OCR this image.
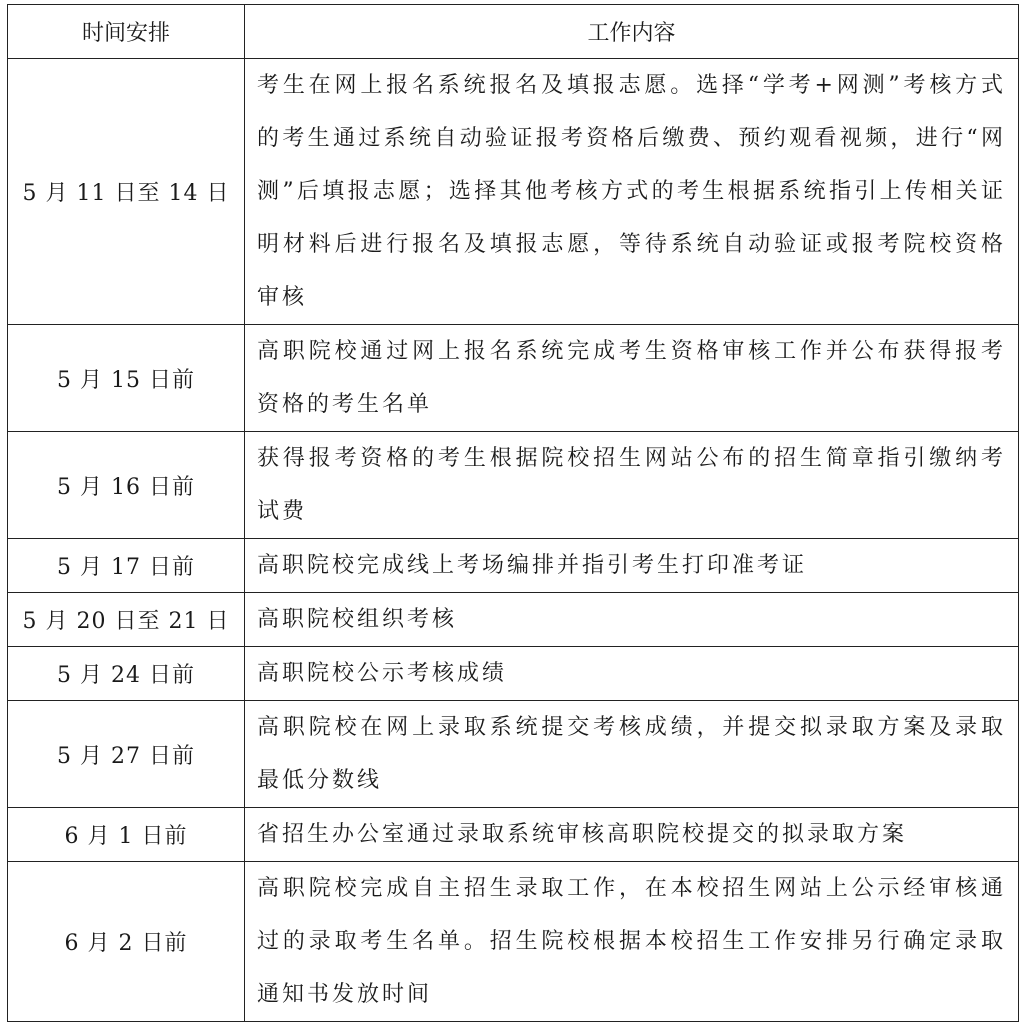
时间安排	工作内容
5 月 11 日至 14 日	考生在网上报名系统报名及填报志愿。选择“学考+网测”考核方式的考生通过系统自动验证报考资格后缴费、预约观看视频，进行“网测”后填报志愿；选择其他考核方式的考生根据系统指引上传相关证明材料后进行报名及填报志愿，等待系统自动验证或报考院校资格审核
5 月 15 日前	高职院校通过网上报名系统完成考生资格审核工作并公布获得报考资格的考生名单
5 月 16 日前	获得报考资格的考生根据院校招生网站公布的招生简章指引缴纳考试费
5 月 17 日前	高职院校完成线上考场编排并指引考生打印准考证
5 月 20 日至 21 日	高职院校组织考核
5 月 24 日前	高职院校公示考核成绩
5 月 27 日前	高职院校在网上录取系统提交考核成绩，并提交拟录取方案及录取最低分数线
6 月 1 日前	省招生办公室通过录取系统审核高职院校提交的拟录取方案
6 月 2 日前	高职院校完成自主招生录取工作，在本校招生网站上公示经审核通过的录取考生名单。招生院校根据本校招生工作安排另行确定录取通知书发放时间
